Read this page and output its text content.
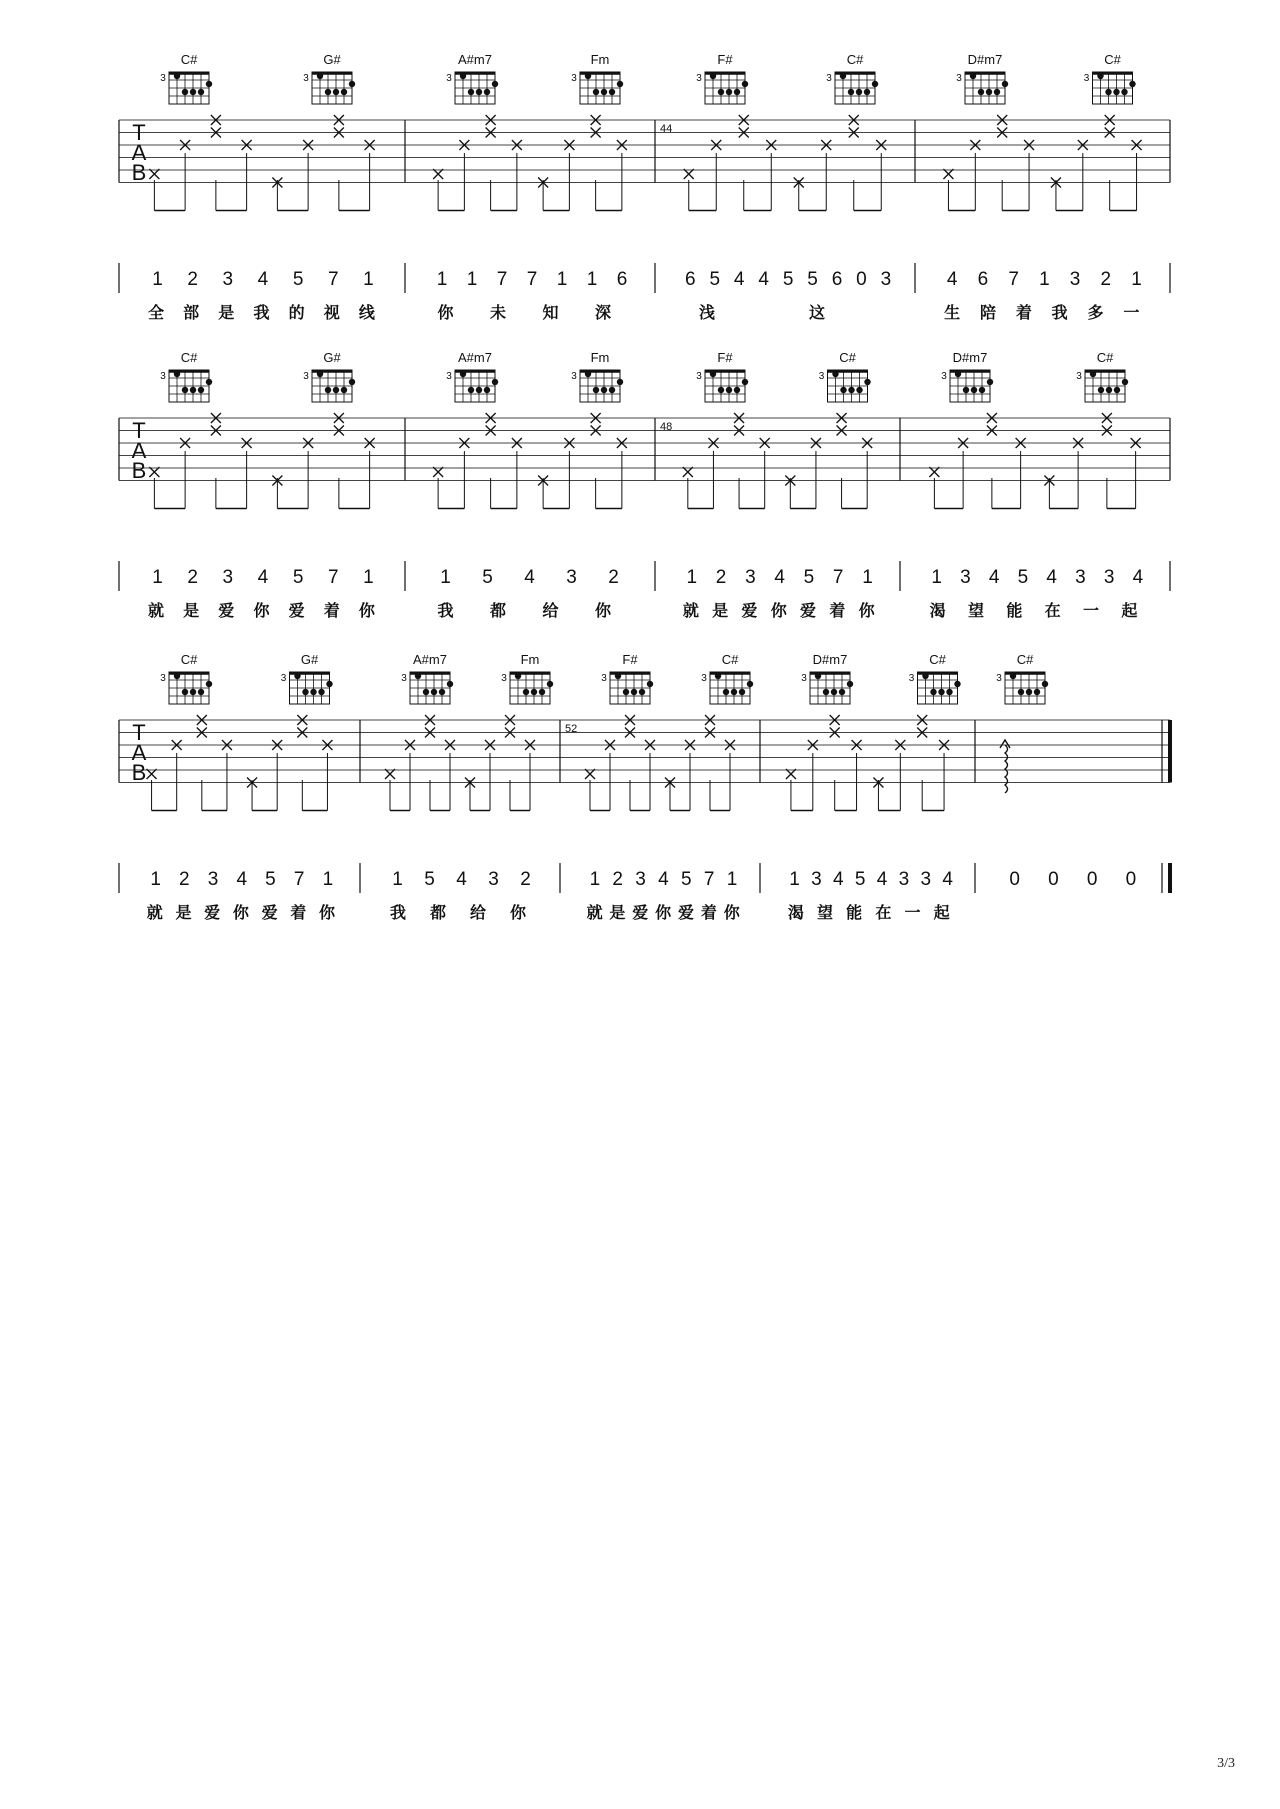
T
A
B
C#
3
G#
3
1 2 3 4 5 7 1
全 部 是 我 的 视 线
A#m7
3
Fm
3
1 1 7 7 1 1 6
你 未 知 深
44
F#
3
C#
3
6 5 4 4 5 5 6 0 3
浅	这
D#m7
3
C#
3
4 6 7 1 3 2 1
生 陪 着 我 多 一
T
A
B
C#
3
G#
3
1 2 3 4 5 7 1
就 是 爱 你 爱 着 你
A#m7
3
Fm
3
1 5 4 3 2
我 都 给 你
48
F#
3
C#
3
1 2 3 4 5 7 1
就 是 爱 你 爱 着 你
D#m7
3
C#
3
1 3 4 5 4 3 3 4
渴 望 能 在 一 起
T
A
B
C#
3
G#
3
1 2 3 4 5 7 1
就 是 爱 你 爱 着 你
A#m7
3
Fm
3
1 5 4 3 2
我 都 给 你
52
F#
3
C#
3
1 2 3 4 5 7 1
就 是 爱 你 爱 着 你
D#m7
3
C#
3
1 3 4 5 4 3 3 4
渴 望 能 在 一 起
C#
3
0 0 0 0
3/3
